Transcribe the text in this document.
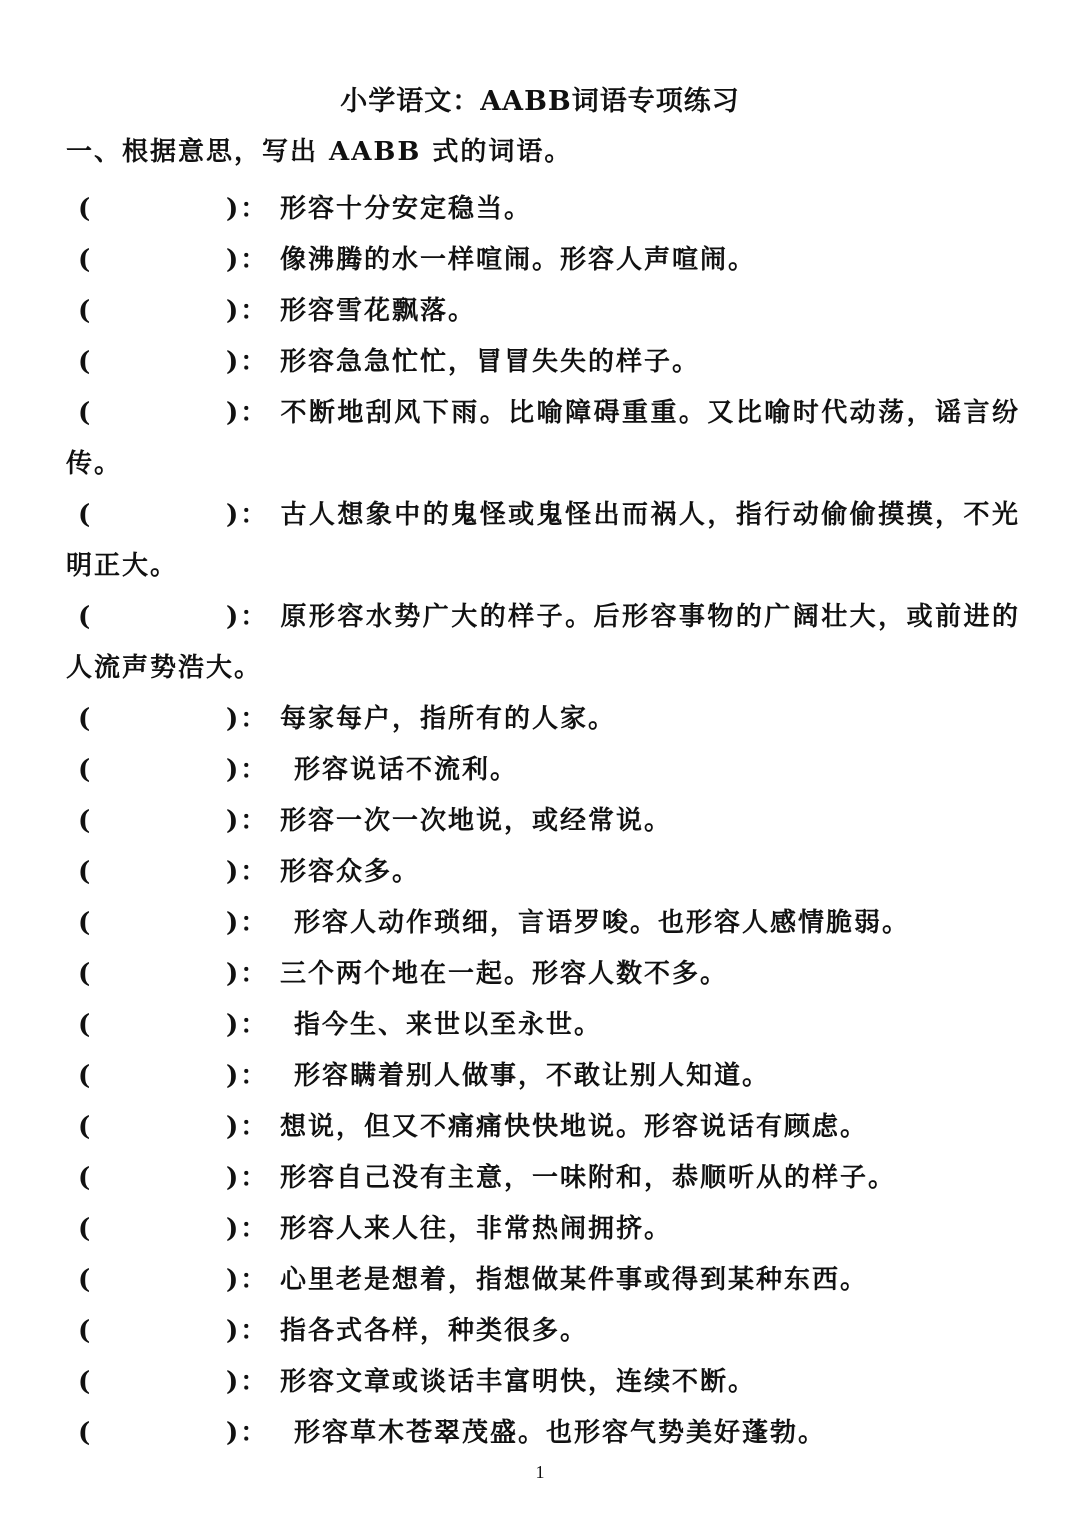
小学语文：AABB词语专项练习
一、根据意思，写出 AABB 式的词语。
(	)： 形容十分安定稳当。
(	)： 像沸腾的水一样喧闹。形容人声喧闹。
(	)： 形容雪花飘落。
(	)： 形容急急忙忙，冒冒失失的样子。
(	)： 不断地刮风下雨。比喻障碍重重。又比喻时代动荡，谣言纷传。
(	)： 古人想象中的鬼怪或鬼怪出而祸人，指行动偷偷摸摸，不光明正大。
(	)： 原形容水势广大的样子。后形容事物的广阔壮大，或前进的人流声势浩大。
(	)： 每家每户，指所有的人家。
(	)： 形容说话不流利。
(	)： 形容一次一次地说，或经常说。
(	)： 形容众多。
(	)： 形容人动作琐细，言语罗唆。也形容人感情脆弱。
(	)： 三个两个地在一起。形容人数不多。
(	)： 指今生、来世以至永世。
(	)： 形容瞒着别人做事，不敢让别人知道。
(	)： 想说，但又不痛痛快快地说。形容说话有顾虑。
(	)： 形容自己没有主意，一味附和，恭顺听从的样子。
(	)： 形容人来人往，非常热闹拥挤。
(	)： 心里老是想着，指想做某件事或得到某种东西。
(	)： 指各式各样，种类很多。
(	)： 形容文章或谈话丰富明快，连续不断。
(	)： 形容草木苍翠茂盛。也形容气势美好蓬勃。
1
